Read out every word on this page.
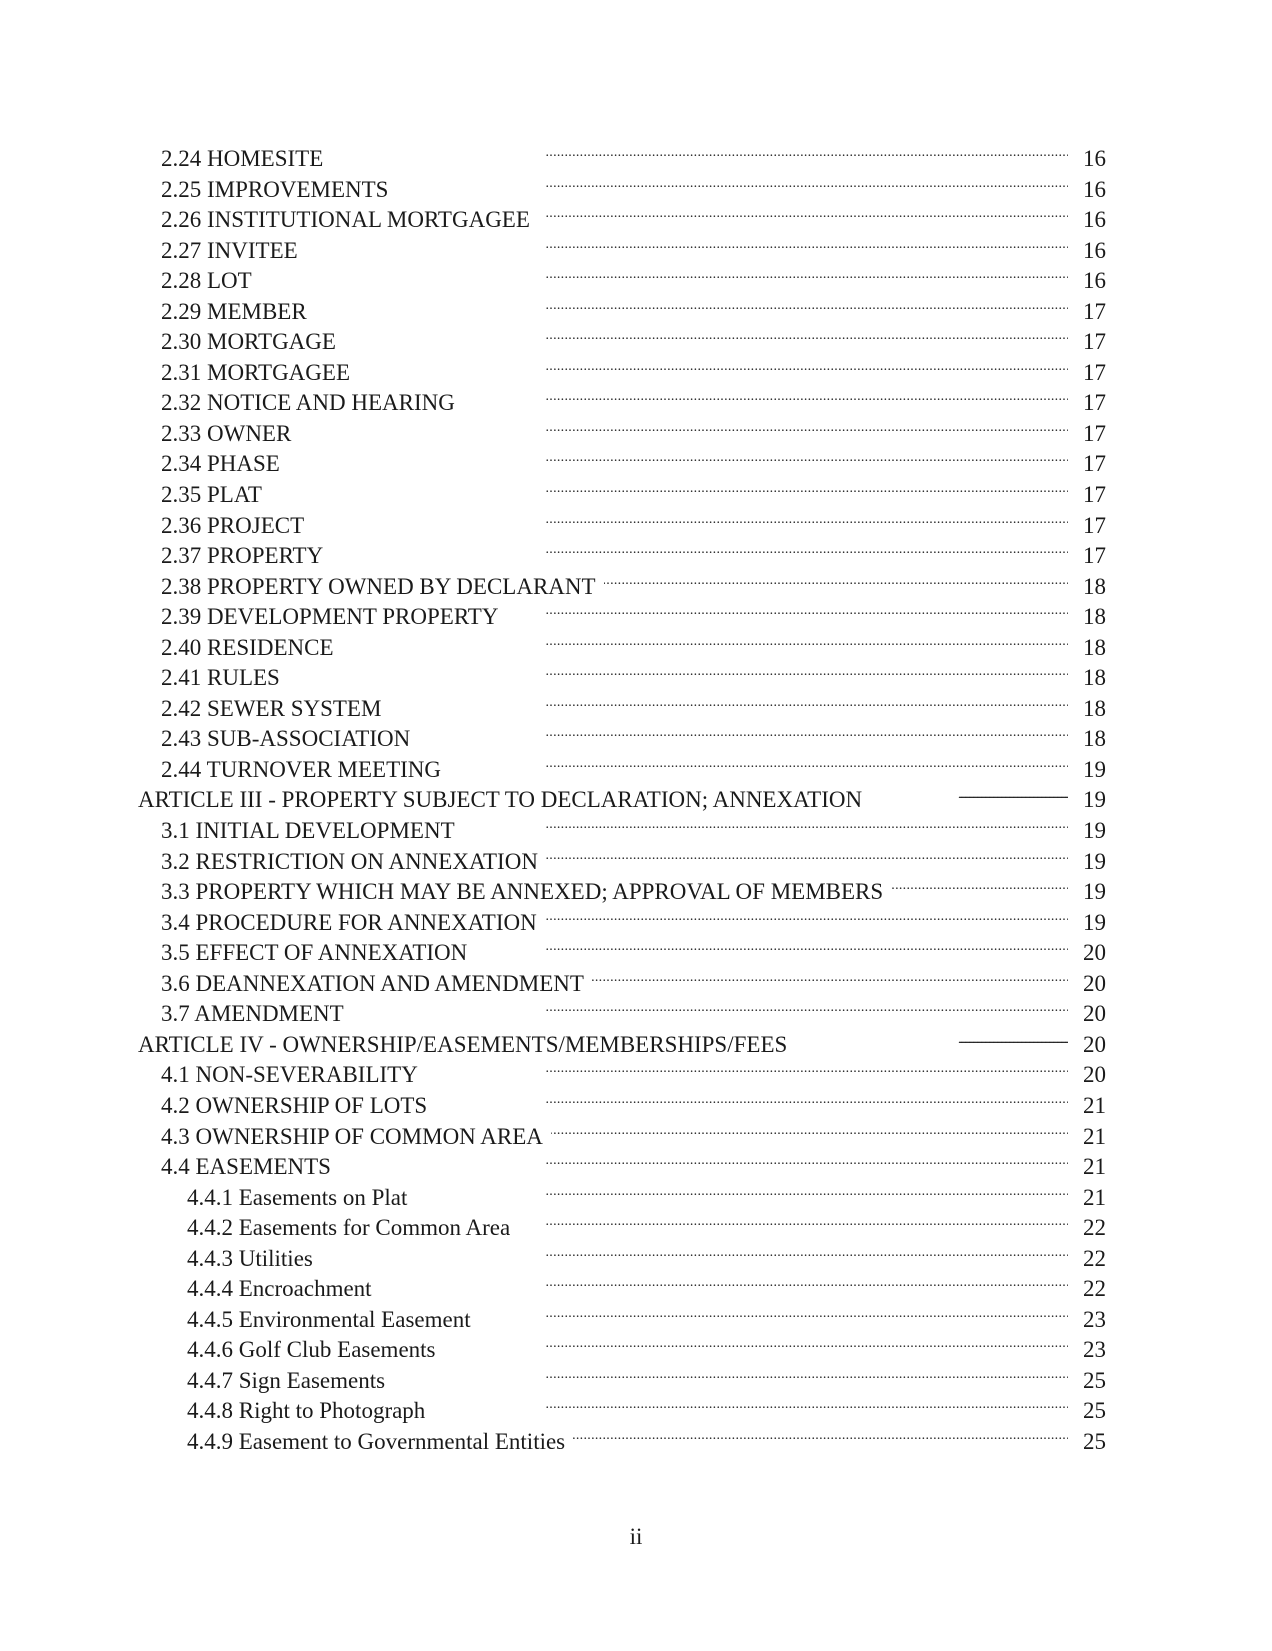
2.24 HOMESITE . . .	16
2.25 IMPROVEMENTS . . .	16
2.26 INSTITUTIONAL MORTGAGEE . . .	16
2.27 INVITEE . . .	16
2.28 LOT . . .	16
2.29 MEMBER . . .	17
2.30 MORTGAGE . . .	17
2.31 MORTGAGEE . . .	17
2.32 NOTICE AND HEARING . . .	17
2.33 OWNER . . .	17
2.34 PHASE . . .	17
2.35 PLAT . . .	17
2.36 PROJECT . . .	17
2.37 PROPERTY . . .	17
2.38 PROPERTY OWNED BY DECLARANT . . .	18
2.39 DEVELOPMENT PROPERTY . . .	18
2.40 RESIDENCE . . .	18
2.41 RULES . . .	18
2.42 SEWER SYSTEM . . .	18
2.43 SUB-ASSOCIATION . . .	18
2.44 TURNOVER MEETING . . .	19
ARTICLE III - PROPERTY SUBJECT TO DECLARATION; ANNEXATION . . .	19
3.1 INITIAL DEVELOPMENT . . .	19
3.2 RESTRICTION ON ANNEXATION . . .	19
3.3 PROPERTY WHICH MAY BE ANNEXED; APPROVAL OF MEMBERS . . .	19
3.4 PROCEDURE FOR ANNEXATION . . .	19
3.5 EFFECT OF ANNEXATION . . .	20
3.6 DEANNEXATION AND AMENDMENT . . .	20
3.7 AMENDMENT . . .	20
ARTICLE IV - OWNERSHIP/EASEMENTS/MEMBERSHIPS/FEES . . .	20
4.1 NON-SEVERABILITY . . .	20
4.2 OWNERSHIP OF LOTS . . .	21
4.3 OWNERSHIP OF COMMON AREA . . .	21
4.4 EASEMENTS . . .	21
4.4.1 Easements on Plat . . .	21
4.4.2 Easements for Common Area . . .	22
4.4.3 Utilities . . .	22
4.4.4 Encroachment . . .	22
4.4.5 Environmental Easement . . .	23
4.4.6 Golf Club Easements . . .	23
4.4.7 Sign Easements . . .	25
4.4.8 Right to Photograph . . .	25
4.4.9 Easement to Governmental Entities . . .	25
ii
